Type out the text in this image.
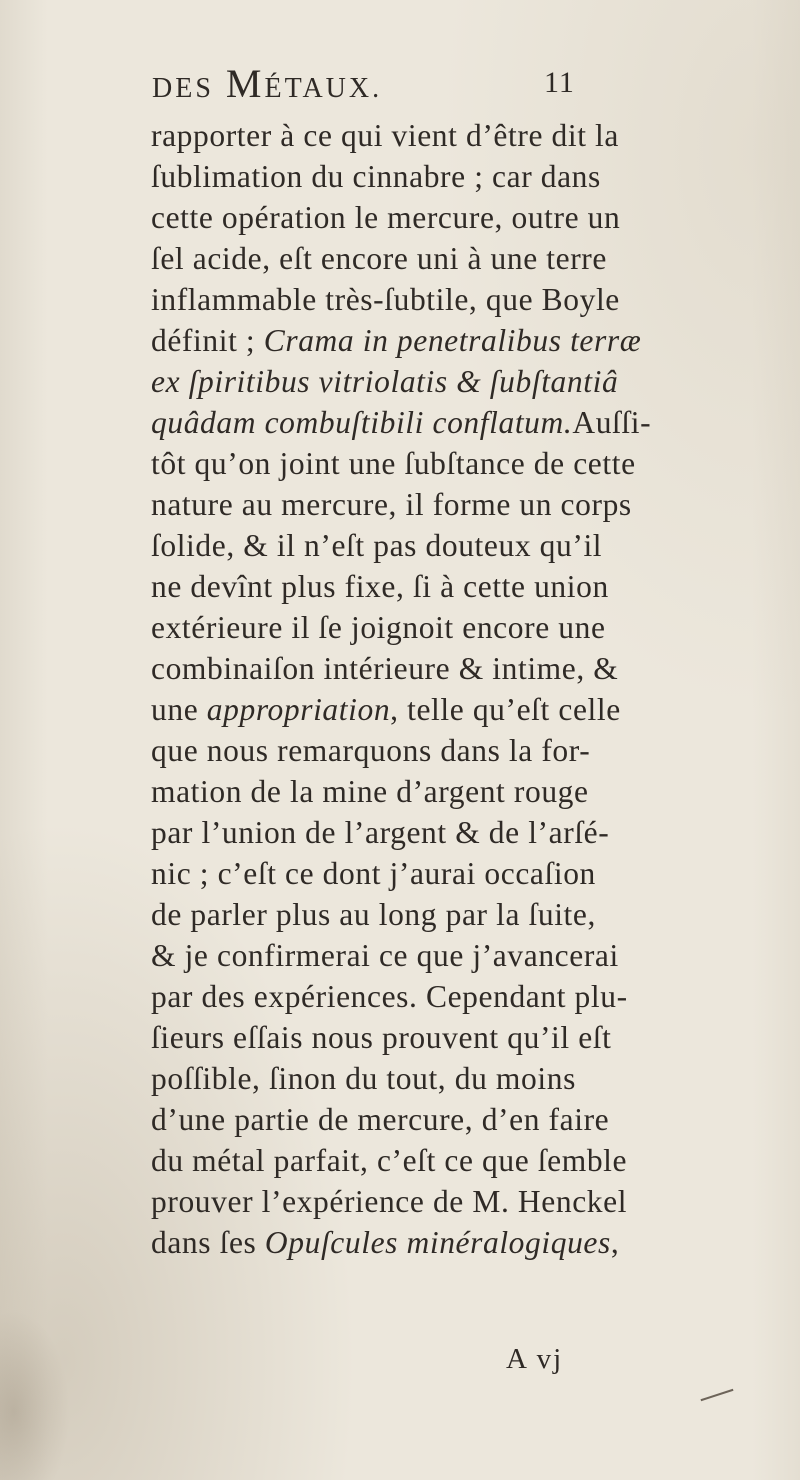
DES MÉTAUX.	11
rapporter à ce qui vient d’être dit la
ſublimation du cinnabre ; car dans
cette opération le mercure, outre un
ſel acide, eſt encore uni à une terre
inflammable très-ſubtile, que Boyle
définit ; Crama in penetralibus terræ
ex ſpiritibus vitriolatis & ſubſtantiâ
quâdam combuſtibili conflatum.Auſſi-
tôt qu’on joint une ſubſtance de cette
nature au mercure, il forme un corps
ſolide, & il n’eſt pas douteux qu’il
ne devînt plus fixe, ſi à cette union
extérieure il ſe joignoit encore une
combinaiſon intérieure & intime, &
une appropriation, telle qu’eſt celle
que nous remarquons dans la for-
mation de la mine d’argent rouge
par l’union de l’argent & de l’arſé-
nic ; c’eſt ce dont j’aurai occaſion
de parler plus au long par la ſuite,
& je confirmerai ce que j’avancerai
par des expériences. Cependant plu-
ſieurs eſſais nous prouvent qu’il eſt
poſſible, ſinon du tout, du moins
d’une partie de mercure, d’en faire
du métal parfait, c’eſt ce que ſemble
prouver l’expérience de M. Henckel
dans ſes Opuſcules minéralogiques,
A vj
